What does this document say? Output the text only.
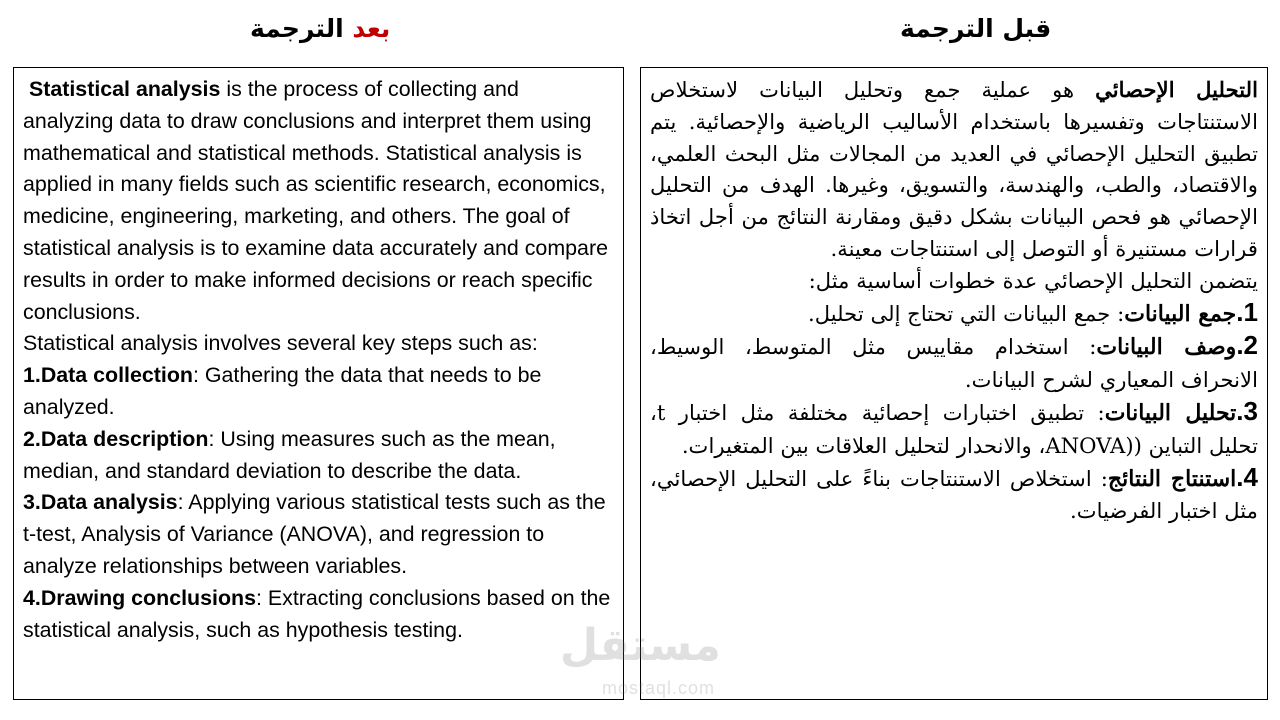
بعد الترجمة	قبل الترجمة

Statistical analysis is the process of collecting and analyzing data to draw conclusions and interpret them using mathematical and statistical methods. Statistical analysis is applied in many fields such as scientific research, economics, medicine, engineering, marketing, and others. The goal of statistical analysis is to examine data accurately and compare results in order to make informed decisions or reach specific conclusions.

Statistical analysis involves several key steps such as:

1.Data collection: Gathering the data that needs to be analyzed.

2.Data description: Using measures such as the mean, median, and standard deviation to describe the data.

3.Data analysis: Applying various statistical tests such as the t-test, Analysis of Variance (ANOVA), and regression to analyze relationships between variables.

4.Drawing conclusions: Extracting conclusions based on the statistical analysis, such as hypothesis testing.

التحليل الإحصائي هو عملية جمع وتحليل البيانات لاستخلاص الاستنتاجات وتفسيرها باستخدام الأساليب الرياضية والإحصائية. يتم تطبيق التحليل الإحصائي في العديد من المجالات مثل البحث العلمي، والاقتصاد، والطب، والهندسة، والتسويق، وغيرها. الهدف من التحليل الإحصائي هو فحص البيانات بشكل دقيق ومقارنة النتائج من أجل اتخاذ قرارات مستنيرة أو التوصل إلى استنتاجات معينة.

يتضمن التحليل الإحصائي عدة خطوات أساسية مثل:

1.جمع البيانات: جمع البيانات التي تحتاج إلى تحليل.

2.وصف البيانات: استخدام مقاييس مثل المتوسط، الوسيط، الانحراف المعياري لشرح البيانات.

3.تحليل البيانات: تطبيق اختبارات إحصائية مختلفة مثل اختبار t، تحليل التباين ((ANOVA، والانحدار لتحليل العلاقات بين المتغيرات.

4.استنتاج النتائج: استخلاص الاستنتاجات بناءً على التحليل الإحصائي، مثل اختبار الفرضيات.

مستقل
mostaql.com
